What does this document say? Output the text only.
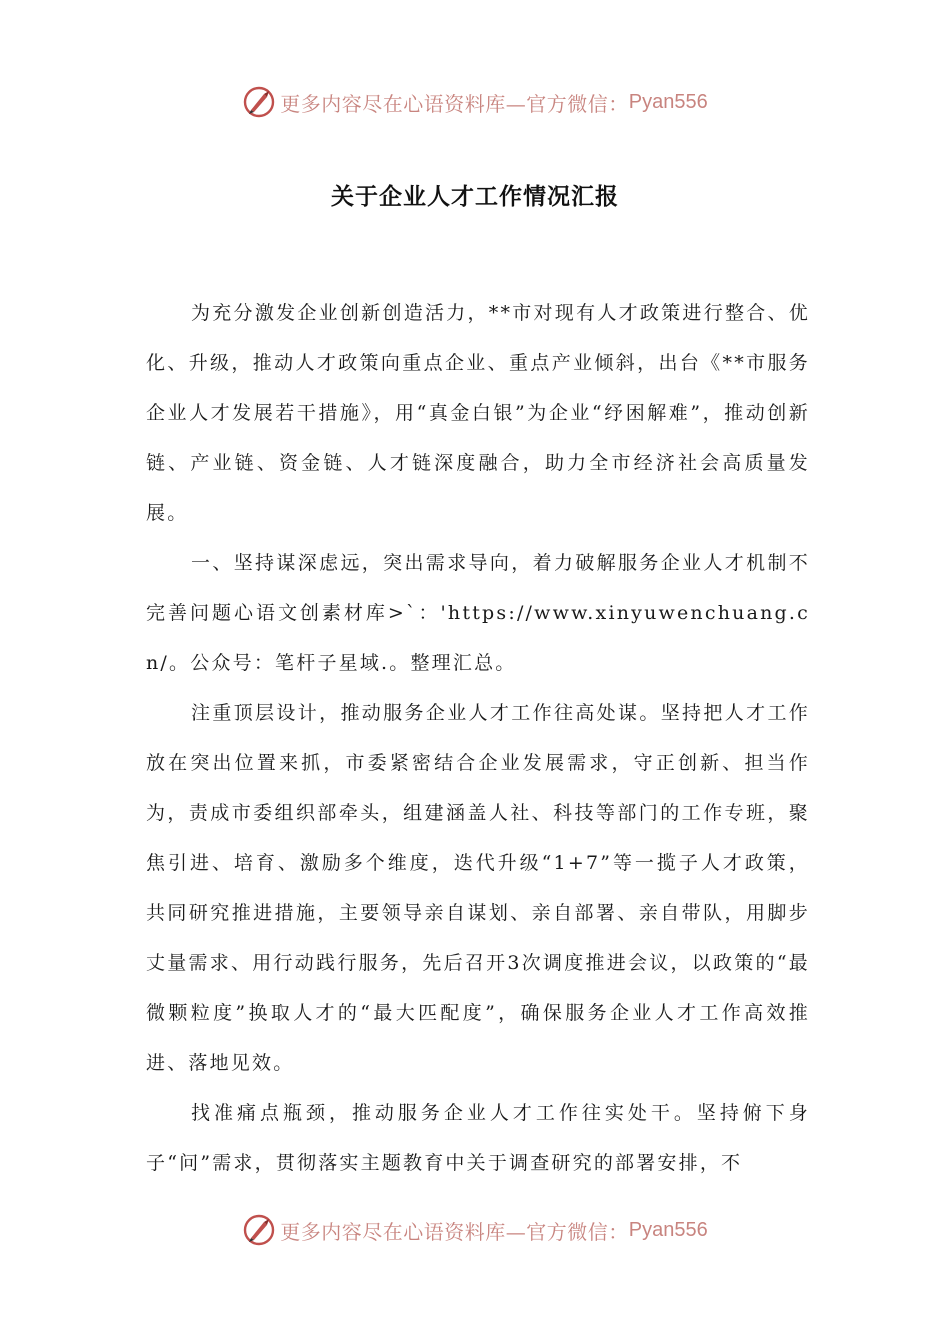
更多内容尽在心语资料库—官方微信： Pyan556
关于企业人才工作情况汇报

为充分激发企业创新创造活力，**市对现有人才政策进行整合、优化、升级，推动人才政策向重点企业、重点产业倾斜，出台《**市服务企业人才发展若干措施》，用“真金白银”为企业“纾困解难”，推动创新链、产业链、资金链、人才链深度融合，助力全市经济社会高质量发展。

一、坚持谋深虑远，突出需求导向，着力破解服务企业人才机制不完善问题心语文创素材库>`：'https://www.xinyuwenchuang.cn/。公众号：笔杆子星域.。整理汇总。

注重顶层设计，推动服务企业人才工作往高处谋。坚持把人才工作放在突出位置来抓，市委紧密结合企业发展需求，守正创新、担当作为，责成市委组织部牵头，组建涵盖人社、科技等部门的工作专班，聚焦引进、培育、激励多个维度，迭代升级“1+7”等一揽子人才政策，共同研究推进措施，主要领导亲自谋划、亲自部署、亲自带队，用脚步丈量需求、用行动践行服务，先后召开3次调度推进会议，以政策的“最微颗粒度”换取人才的“最大匹配度”，确保服务企业人才工作高效推进、落地见效。

找准痛点瓶颈，推动服务企业人才工作往实处干。坚持俯下身子“问”需求，贯彻落实主题教育中关于调查研究的部署安排，不

更多内容尽在心语资料库—官方微信： Pyan556
